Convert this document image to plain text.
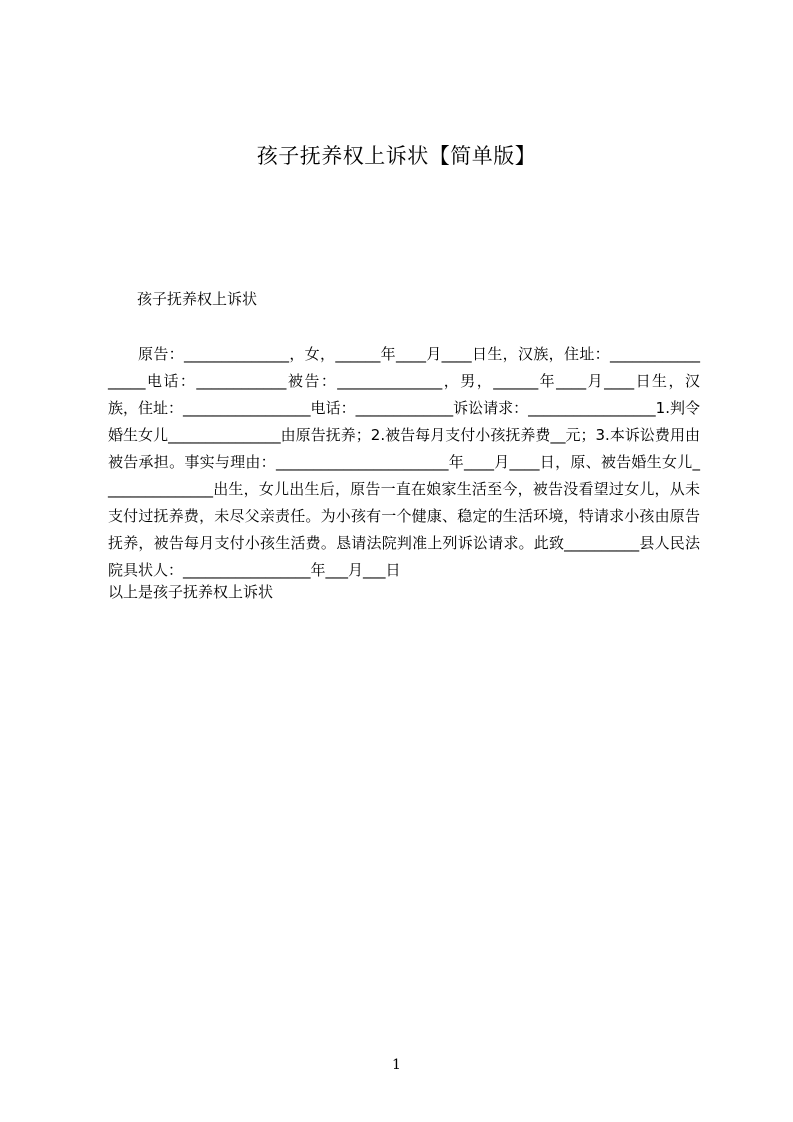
孩子抚养权上诉状【简单版】
孩子抚养权上诉状

原告：______________，女，______年____月____日生，汉族，住址：_________________电话：____________被告：______________，男，______年____月____日生，汉族，住址：_________________电话：_____________诉讼请求：_________________1.判令婚生女儿_______________由原告抚养；2.被告每月支付小孩抚养费__元；3.本诉讼费用由被告承担。事实与理由：_______________________年____月____日，原、被告婚生女儿_______________出生，女儿出生后，原告一直在娘家生活至今，被告没看望过女儿，从未支付过抚养费，未尽父亲责任。为小孩有一个健康、稳定的生活环境，特请求小孩由原告抚养，被告每月支付小孩生活费。恳请法院判准上列诉讼请求。此致__________县人民法院具状人：_________________年___月___日

以上是孩子抚养权上诉状
1
